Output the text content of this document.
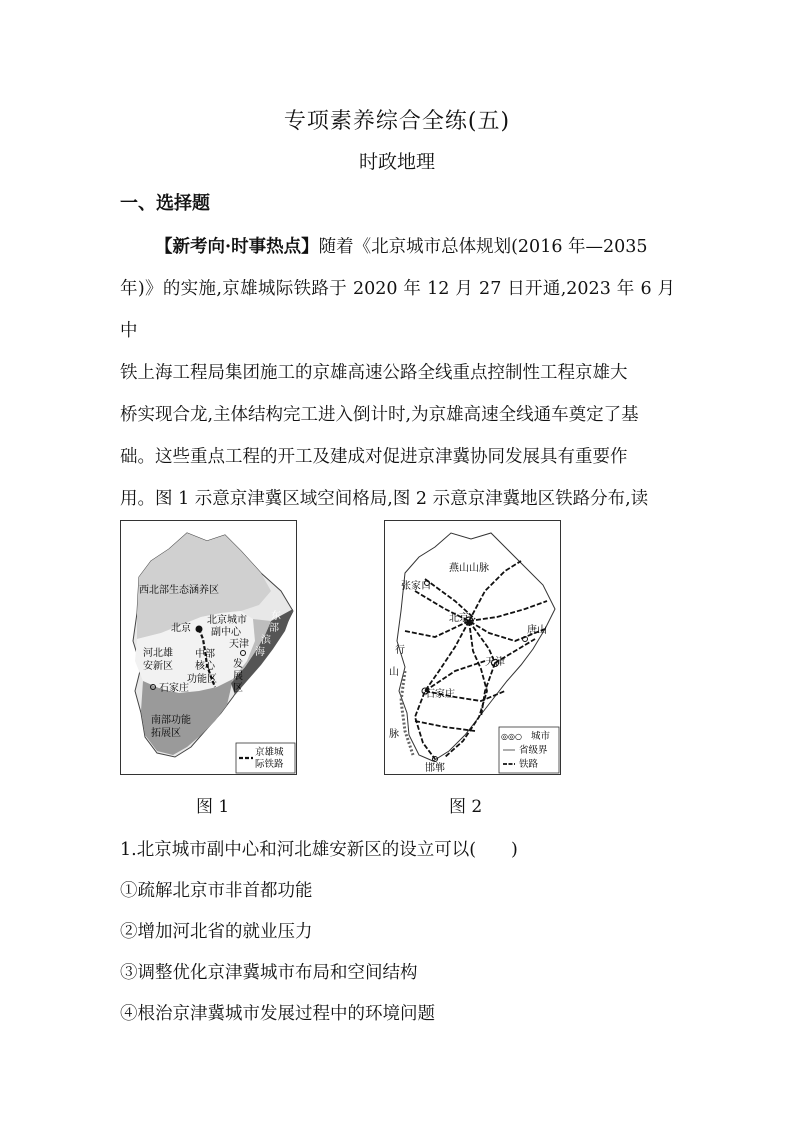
专项素养综合全练(五)
时政地理
一、选择题
【新考向·时事热点】随着《北京城市总体规划(2016 年—2035
年)》的实施,京雄城际铁路于 2020 年 12 月 27 日开通,2023 年 6 月中
铁上海工程局集团施工的京雄高速公路全线重点控制性工程京雄大
桥实现合龙,主体结构完工进入倒计时,为京雄高速全线通车奠定了基
础。这些重点工程的开工及建成对促进京津冀协同发展具有重要作
用。图 1 示意京津冀区域空间格局,图 2 示意京津冀地区铁路分布,读
西北部生态涵养区
北京
北京城市
副中心
东
部
滨
海
天津
河北雄
安新区
中部
核心
功能区
发
展
区
石家庄
南部功能
拓展区
京雄城
际铁路
图 1
燕山山脉
张家口
北京
唐山
天津
行
山
脉
石家庄
邯郸
◎◎○ 城市
省级界
铁路
图 2
1.北京城市副中心和河北雄安新区的设立可以(　　)
①疏解北京市非首都功能
②增加河北省的就业压力
③调整优化京津冀城市布局和空间结构
④根治京津冀城市发展过程中的环境问题
